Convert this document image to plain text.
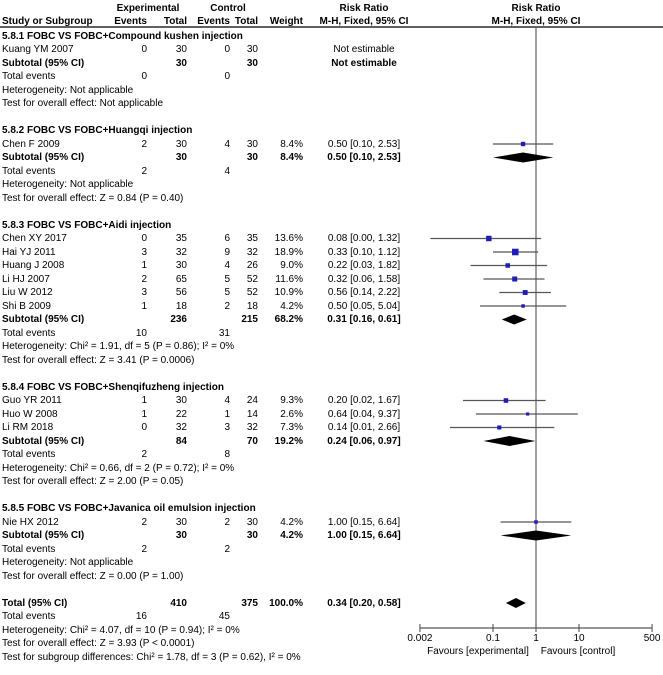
Experimental	Control	Risk Ratio	Risk Ratio
Study or Subgroup	Events	Total	Events Total	Weight	M-H, Fixed, 95% CI	M-H, Fixed, 95% CI
5.8.1 FOBC VS FOBC+Compound kushen injection
Kuang YM 2007	0	30	0	30	Not estimable
Subtotal (95% CI)	30	30	Not estimable
Total events	0	0
Heterogeneity: Not applicable
Test for overall effect: Not applicable
5.8.2 FOBC VS FOBC+Huangqi injection
Chen F 2009	2	30	4	30	8.4%	0.50 [0.10, 2.53]
Subtotal (95% CI)	30	30	8.4%	0.50 [0.10, 2.53]
Total events	2	4
Heterogeneity: Not applicable
Test for overall effect: Z = 0.84 (P = 0.40)
5.8.3 FOBC VS FOBC+Aidi injection
Chen XY 2017	0	35	6	35	13.6%	0.08 [0.00, 1.32]
Hai YJ 2011	3	32	9	32	18.9%	0.33 [0.10, 1.12]
Huang J 2008	1	30	4	26	9.0%	0.22 [0.03, 1.82]
Li HJ 2007	2	65	5	52	11.6%	0.32 [0.06, 1.58]
Liu W 2012	3	56	5	52	10.9%	0.56 [0.14, 2.22]
Shi B 2009	1	18	2	18	4.2%	0.50 [0.05, 5.04]
Subtotal (95% CI)	236	215	68.2%	0.31 [0.16, 0.61]
Total events	10	31
Heterogeneity: Chi² = 1.91, df = 5 (P = 0.86); I² = 0%
Test for overall effect: Z = 3.41 (P = 0.0006)
5.8.4 FOBC VS FOBC+Shenqifuzheng injection
Guo YR 2011	1	30	4	24	9.3%	0.20 [0.02, 1.67]
Huo W 2008	1	22	1	14	2.6%	0.64 [0.04, 9.37]
Li RM 2018	0	32	3	32	7.3%	0.14 [0.01, 2.66]
Subtotal (95% CI)	84	70	19.2%	0.24 [0.06, 0.97]
Total events	2	8
Heterogeneity: Chi² = 0.66, df = 2 (P = 0.72); I² = 0%
Test for overall effect: Z = 2.00 (P = 0.05)
5.8.5 FOBC VS FOBC+Javanica oil emulsion injection
Nie HX 2012	2	30	2	30	4.2%	1.00 [0.15, 6.64]
Subtotal (95% CI)	30	30	4.2%	1.00 [0.15, 6.64]
Total events	2	2
Heterogeneity: Not applicable
Test for overall effect: Z = 0.00 (P = 1.00)
Total (95% CI)	410	375	100.0%	0.34 [0.20, 0.58]
Total events	16	45
Heterogeneity: Chi² = 4.07, df = 10 (P = 0.94); I² = 0%
Test for overall effect: Z = 3.93 (P < 0.0001)
Test for subgroup differences: Chi² = 1.78, df = 3 (P = 0.62), I² = 0%
0.002	0.1	1	10	500
Favours [experimental]	Favours [control]
